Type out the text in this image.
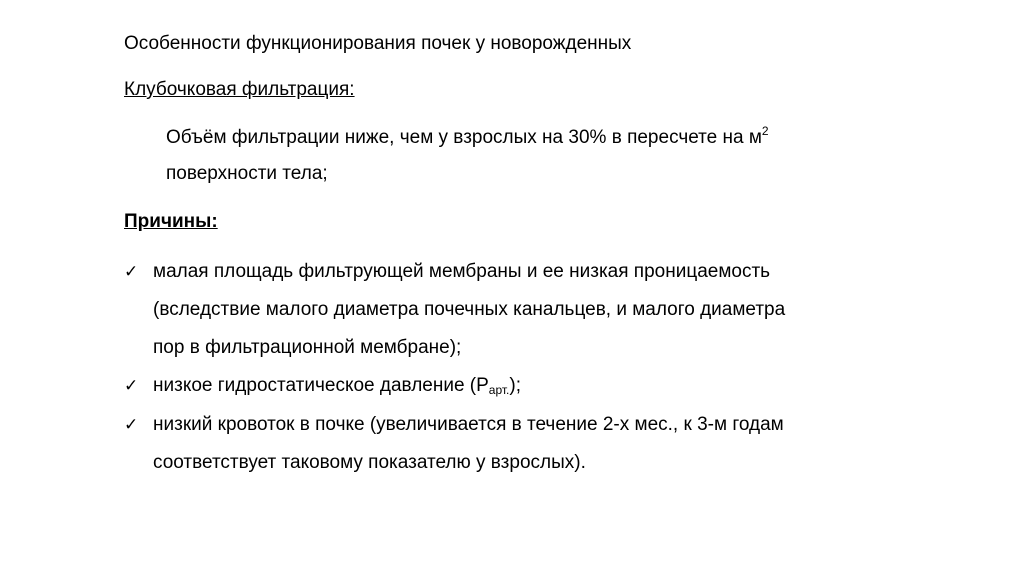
Особенности функционирования почек у новорожденных
Клубочковая фильтрация:
Объём фильтрации ниже, чем у взрослых на 30% в пересчете на $м^2$
поверхности тела;
Причины:
✓ малая площадь фильтрующей мембраны и ее низкая проницаемость
(вследствие малого диаметра почечных канальцев, и малого диаметра
пор в фильтрационной мембране);
✓ низкое гидростатическое давление $(Р_{арт.})$;
✓ низкий кровоток в почке (увеличивается в течение 2-х мес., к 3-м годам
соответствует таковому показателю у взрослых).
